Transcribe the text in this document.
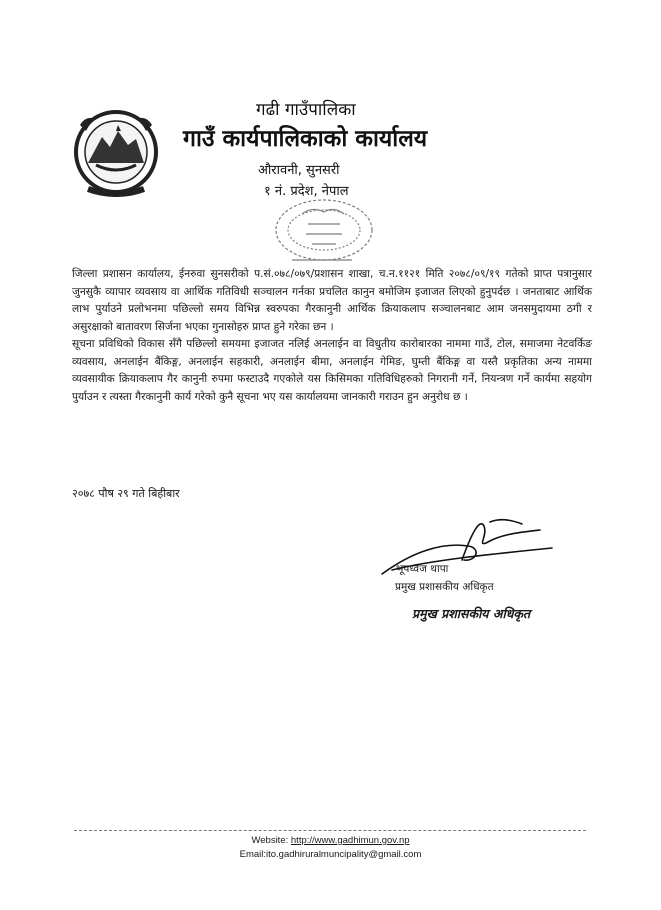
गढी गाउँपालिका
गाउँ कार्यपालिकाको कार्यालय
औरावनी, सुनसरी
१ नं. प्रदेश, नेपाल

जिल्ला प्रशासन कार्यालय, ईनरुवा सुनसरीको प.सं.०७८/०७९/प्रशासन शाखा, च.न.११२१ मिति २०७८/०९/१९ गतेको प्राप्त पत्रानुसार जुनसुकै व्यापार व्यवसाय वा आर्थिक गतिविधी सञ्चालन गर्नका प्रचलित कानुन बमोजिम इजाजत लिएको हुनुपर्दछ । जनताबाट आर्थिक लाभ पुर्याउने प्रलोभनमा पछिल्लो समय विभिन्न स्वरुपका गैरकानुनी आर्थिक क्रियाकलाप सञ्चालनबाट आम जनसमुदायमा ठगी र असुरक्षाको बातावरण सिर्जना भएका गुनासोहरु प्राप्त हुने गरेका छन ।

सूचना प्रविधिको विकास सँगै पछिल्लो समयमा इजाजत नलिई अनलाईन वा विधुतीय कारोबारका नाममा गाउँ, टोल, समाजमा नेटवर्किङ व्यवसाय, अनलाईन बैंकिङ्ग, अनलाईन सहकारी, अनलाईन बीमा, अनलाईन गेमिङ, घुम्ती बैंकिङ्ग वा यस्तै प्रकृतिका अन्य नाममा व्यवसायीक क्रियाकलाप गैर कानुनी रुपमा फस्टाउदै गएकोले यस किसिमका गतिविधिहरुको निगरानी गर्ने, नियन्त्रण गर्ने कार्यमा सहयोग पुर्याउन र त्यस्ता गैरकानुनी कार्य गरेको कुनै सूचना भए यस कार्यालयमा जानकारी गराउन हुन अनुरोध छ ।

२०७८ पौष २९ गते बिहीबार
भूपध्वज थापा
प्रमुख प्रशासकीय अधिकृत
प्रमुख प्रशासकीय अधिकृत
Website: http://www.gadhimun.gov.np
Email:ito.gadhiruralmuncipality@gmail.com
